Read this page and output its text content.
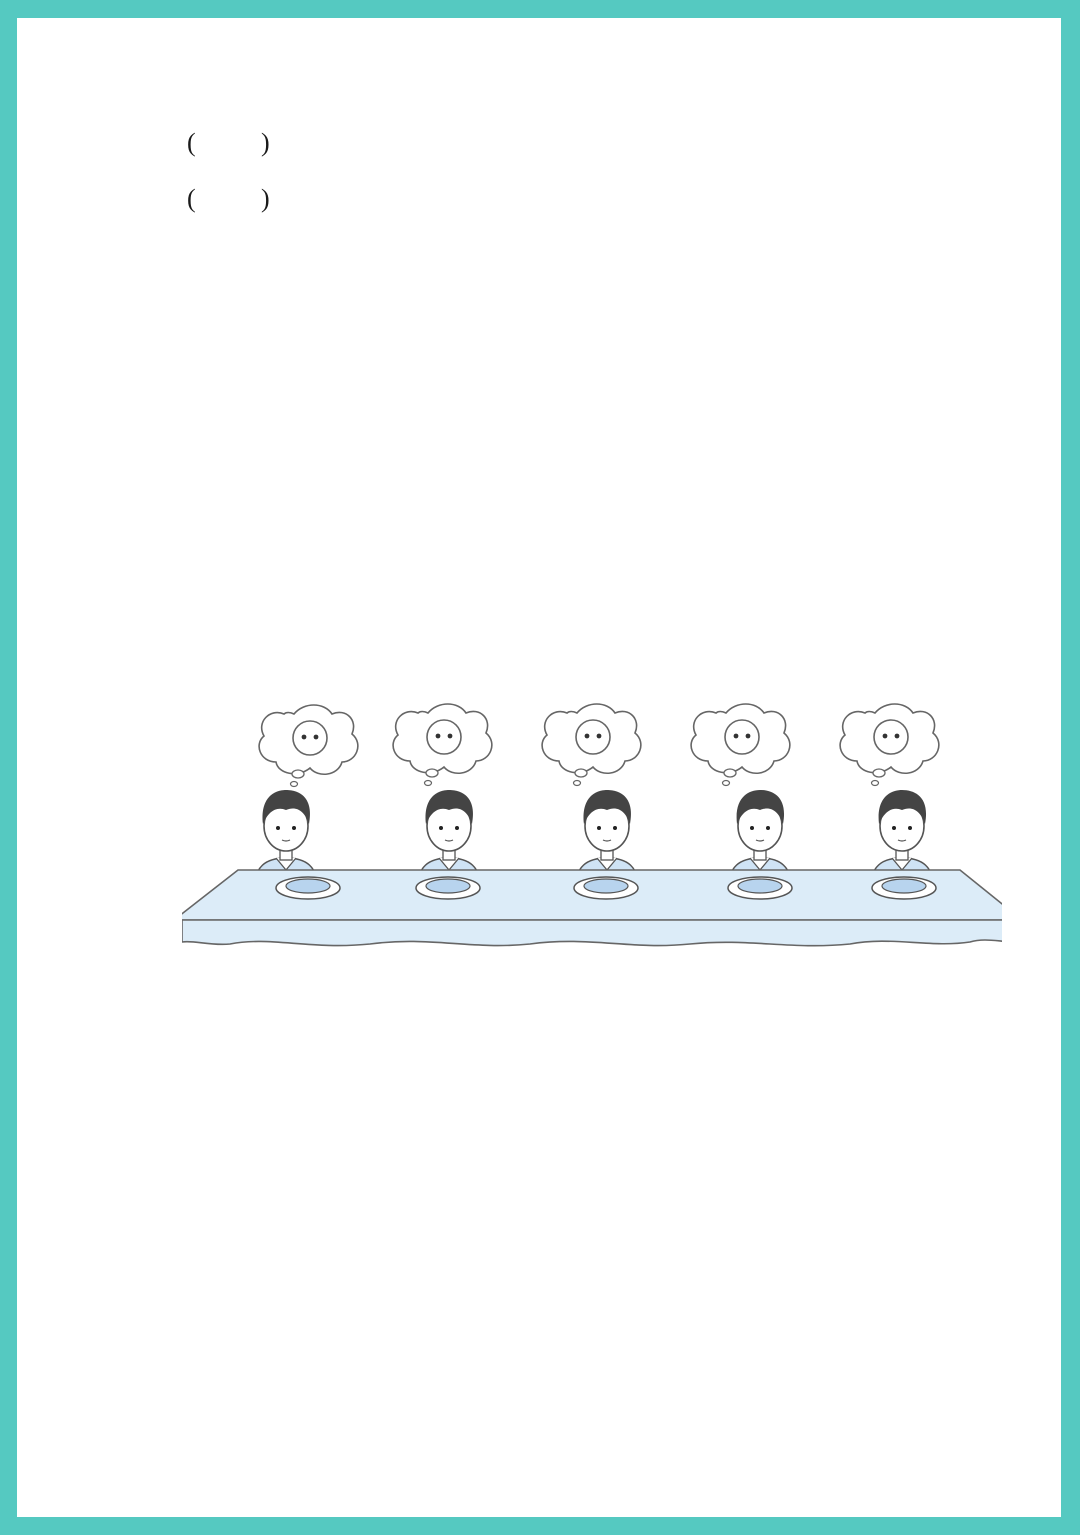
(	)
(	)
